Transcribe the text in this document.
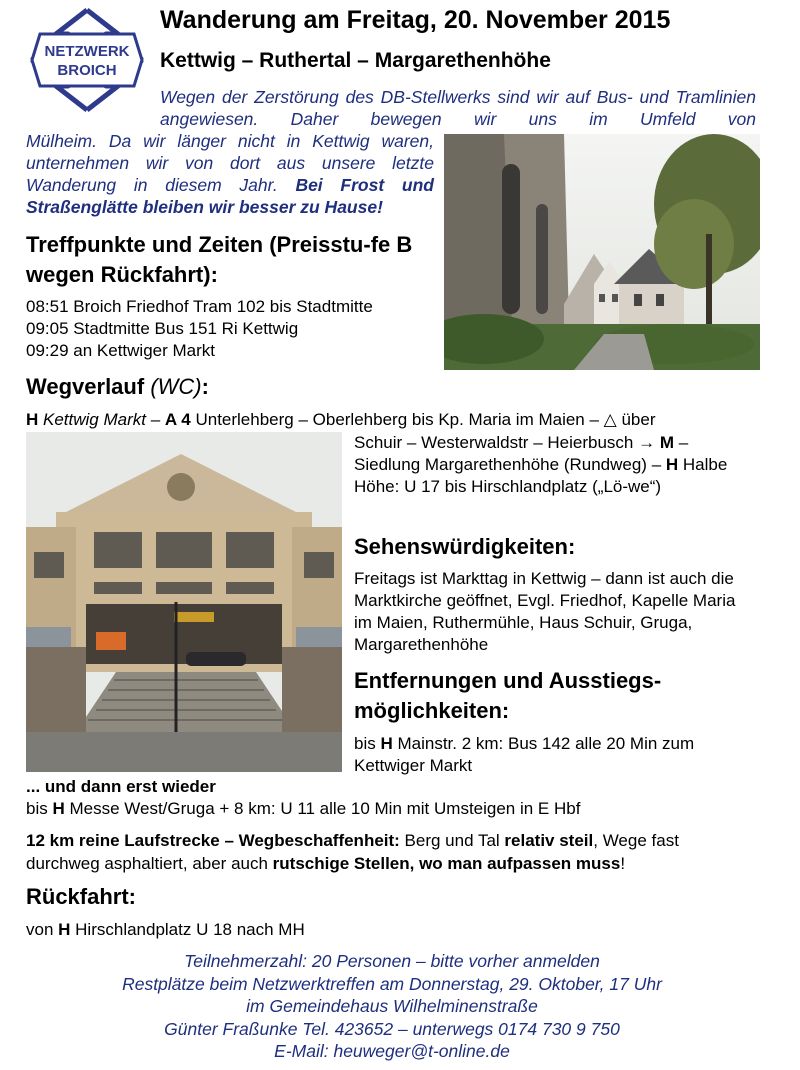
NETZWERK
BROICH
Wanderung am Freitag, 20. November 2015
Kettwig – Ruthertal – Margarethenhöhe
Wegen der Zerstörung des DB-Stellwerks sind wir auf Bus- und Tramlinien angewiesen. Daher bewegen wir uns im Umfeld von
Mülheim. Da wir länger nicht in Kettwig waren, unternehmen wir von dort aus unsere letzte Wanderung in diesem Jahr. Bei Frost und Straßenglätte bleiben wir besser zu Hause!
Treffpunkte und Zeiten (Preisstu-fe B wegen Rückfahrt):
08:51 Broich Friedhof Tram 102 bis Stadtmitte
09:05 Stadtmitte Bus 151 Ri Kettwig
09:29 an Kettwiger Markt
Wegverlauf (WC):
H Kettwig Markt – A 4 Unterlehberg – Oberlehberg bis Kp. Maria im Maien – △ über
Schuir – Westerwaldstr – Heierbusch → M – Siedlung Margarethenhöhe (Rundweg) – H Halbe Höhe: U 17 bis Hirschlandplatz („Lö-we“)
Sehenswürdigkeiten:
Freitags ist Markttag in Kettwig – dann ist auch die Marktkirche geöffnet, Evgl. Friedhof, Kapelle Maria im Maien, Ruthermühle, Haus Schuir, Gruga, Margarethenhöhe
Entfernungen und Ausstiegs-möglichkeiten:
bis H Mainstr. 2 km: Bus 142 alle 20 Min zum Kettwiger Markt
... und dann erst wieder
bis H Messe West/Gruga + 8 km: U 11 alle 10 Min mit Umsteigen in E Hbf
12 km reine Laufstrecke – Wegbeschaffenheit: Berg und Tal relativ steil, Wege fast durchweg asphaltiert, aber auch rutschige Stellen, wo man aufpassen muss!
Rückfahrt:
von H Hirschlandplatz U 18 nach MH
Teilnehmerzahl: 20 Personen – bitte vorher anmelden
Restplätze beim Netzwerktreffen am Donnerstag, 29. Oktober, 17 Uhr
im Gemeindehaus Wilhelminenstraße
Günter Fraßunke Tel. 423652 – unterwegs 0174 730 9 750
E-Mail: heuweger@t-online.de
